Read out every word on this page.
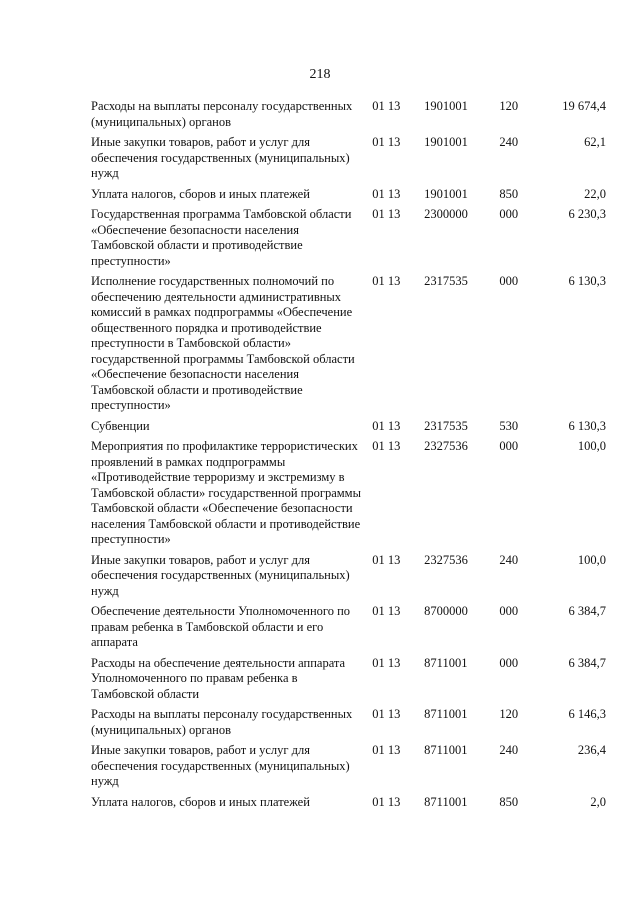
218
Расходы на выплаты персоналу государственных (муниципальных) органов	01 13	1901001	120	19 674,4
Иные закупки товаров, работ и услуг для обеспечения государственных (муниципальных) нужд	01 13	1901001	240	62,1
Уплата налогов, сборов и иных платежей	01 13	1901001	850	22,0
Государственная программа Тамбовской области «Обеспечение безопасности населения Тамбовской области и противодействие преступности»	01 13	2300000	000	6 230,3
Исполнение государственных полномочий по обеспечению деятельности административных комиссий в рамках подпрограммы «Обеспечение общественного порядка и противодействие преступности в Тамбовской области» государственной программы Тамбовской области «Обеспечение безопасности населения Тамбовской области и противодействие преступности»	01 13	2317535	000	6 130,3
Субвенции	01 13	2317535	530	6 130,3
Мероприятия по профилактике террористических проявлений в рамках подпрограммы «Противодействие терроризму и экстремизму в Тамбовской области» государственной программы Тамбовской области «Обеспечение безопасности населения Тамбовской области и противодействие преступности»	01 13	2327536	000	100,0
Иные закупки товаров, работ и услуг для обеспечения государственных (муниципальных) нужд	01 13	2327536	240	100,0
Обеспечение деятельности Уполномоченного по правам ребенка в Тамбовской области и его аппарата	01 13	8700000	000	6 384,7
Расходы на обеспечение деятельности аппарата Уполномоченного по правам ребенка в Тамбовской области	01 13	8711001	000	6 384,7
Расходы на выплаты персоналу государственных (муниципальных) органов	01 13	8711001	120	6 146,3
Иные закупки товаров, работ и услуг для обеспечения государственных (муниципальных) нужд	01 13	8711001	240	236,4
Уплата налогов, сборов и иных платежей	01 13	8711001	850	2,0
